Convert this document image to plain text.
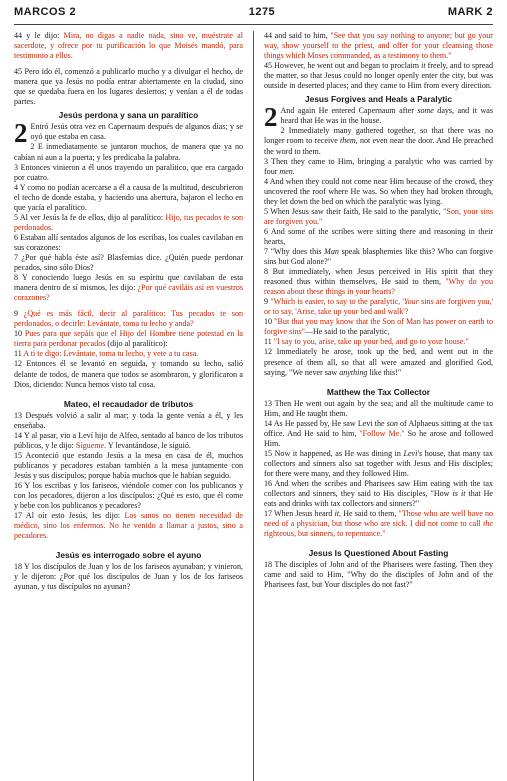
MARCOS 2	1275	MARK 2

44 y le dijo: Mira, no digas a nadie nada, sino ve, muéstrate al sacerdote, y ofrece por tu purificación lo que Moisés mandó, para testimonio a ellos.

45 Pero ido él, comenzó a publicarlo mucho y a divulgar el hecho, de manera que ya Jesús no podía entrar abiertamente en la ciudad, sino que se quedaba fuera en los lugares desiertos; y venían a él de todas partes.

Jesús perdona y sana un paralítico

2 Entró Jesús otra vez en Capernaum después de algunos días; y se oyó que estaba en casa.

2 E inmediatamente se juntaron muchos, de manera que ya no cabían ni aun a la puerta; y les predicaba la palabra.

3 Entonces vinieron a él unos trayendo un paralítico, que era cargado por cuatro.

4 Y como no podían acercarse a él a causa de la multitud, descubrieron el techo de donde estaba, y haciendo una abertura, bajaron el lecho en que yacía el paralítico.

5 Al ver Jesús la fe de ellos, dijo al paralítico: Hijo, tus pecados te son perdonados.

6 Estaban allí sentados algunos de los escribas, los cuales cavilaban en sus corazones:

7 ¿Por qué habla éste así? Blasfemias dice. ¿Quién puede perdonar pecados, sino sólo Dios?

8 Y conociendo luego Jesús en su espíritu que cavilaban de esta manera dentro de sí mismos, les dijo: ¿Por qué caviláis así en vuestros corazones?

9 ¿Qué es más fácil, decir al paralítico: Tus pecados te son perdonados, o decirle: Levántate, toma tu lecho y anda?

10 Pues para que sepáis que el Hijo del Hombre tiene potestad en la tierra para perdonar pecados (dijo al paralítico):

11 A ti te digo: Levántate, toma tu lecho, y vete a tu casa.

12 Entonces él se levantó en seguida, y tomando su lecho, salió delante de todos, de manera que todos se asombraron, y glorificaron a Dios, diciendo: Nunca hemos visto tal cosa.

Mateo, el recaudador de tributos

13 Después volvió a salir al mar; y toda la gente venía a él, y les enseñaba.

14 Y al pasar, vio a Leví hijo de Alfeo, sentado al banco de los tributos públicos, y le dijo: Sígueme. Y levantándose, le siguió.

15 Aconteció que estando Jesús a la mesa en casa de él, muchos publicanos y pecadores estaban también a la mesa juntamente con Jesús y sus discípulos; porque había muchos que le habían seguido.

16 Y los escribas y los fariseos, viéndole comer con los publicanos y con los pecadores, dijeron a los discípulos: ¿Qué es esto, que él come y bebe con los publicanos y pecadores?

17 Al oír esto Jesús, les dijo: Los sanos no tienen necesidad de médico, sino los enfermos. No he venido a llamar a justos, sino a pecadores.

Jesús es interrogado sobre el ayuno

18 Y los discípulos de Juan y los de los fariseos ayunaban; y vinieron, y le dijeron: ¿Por qué los discípulos de Juan y los de los fariseos ayunan, y tus discípulos no ayunan?

44 and said to him, "See that you say nothing to anyone; but go your way, show yourself to the priest, and offer for your cleansing those things which Moses commanded, as a testimony to them."

45 However, he went out and began to proclaim it freely, and to spread the matter, so that Jesus could no longer openly enter the city, but was outside in deserted places; and they came to Him from every direction.

Jesus Forgives and Heals a Paralytic

2 And again He entered Capernaum after some days, and it was heard that He was in the house.

2 Immediately many gathered together, so that there was no longer room to receive them, not even near the door. And He preached the word to them.

3 Then they came to Him, bringing a paralytic who was carried by four men.

4 And when they could not come near Him because of the crowd, they uncovered the roof where He was. So when they had broken through, they let down the bed on which the paralytic was lying.

5 When Jesus saw their faith, He said to the paralytic, "Son, your sins are forgiven you."

6 And some of the scribes were sitting there and reasoning in their hearts,

7 "Why does this Man speak blasphemies like this? Who can forgive sins but God alone?"

8 But immediately, when Jesus perceived in His spirit that they reasoned thus within themselves, He said to them, "Why do you reason about these things in your hearts?

9 "Which is easier, to say to the paralytic, 'Your sins are forgiven you,' or to say, 'Arise, take up your bed and walk'?

10 "But that you may know that the Son of Man has power on earth to forgive sins"—He said to the paralytic,

11 "I say to you, arise, take up your bed, and go to your house."

12 Immediately he arose, took up the bed, and went out in the presence of them all, so that all were amazed and glorified God, saying, "We never saw anything like this!"

Matthew the Tax Collector

13 Then He went out again by the sea; and all the multitude came to Him, and He taught them.

14 As He passed by, He saw Levi the son of Alphaeus sitting at the tax office. And He said to him, "Follow Me." So he arose and followed Him.

15 Now it happened, as He was dining in Levi's house, that many tax collectors and sinners also sat together with Jesus and His disciples; for there were many, and they followed Him.

16 And when the scribes and Pharisees saw Him eating with the tax collectors and sinners, they said to His disciples, "How is it that He eats and drinks with tax collectors and sinners?"

17 When Jesus heard it, He said to them, "Those who are well have no need of a physician, but those who are sick. I did not come to call the righteous, but sinners, to repentance."

Jesus Is Questioned About Fasting

18 The disciples of John and of the Pharisees were fasting. Then they came and said to Him, "Why do the disciples of John and of the Pharisees fast, but Your disciples do not fast?"
